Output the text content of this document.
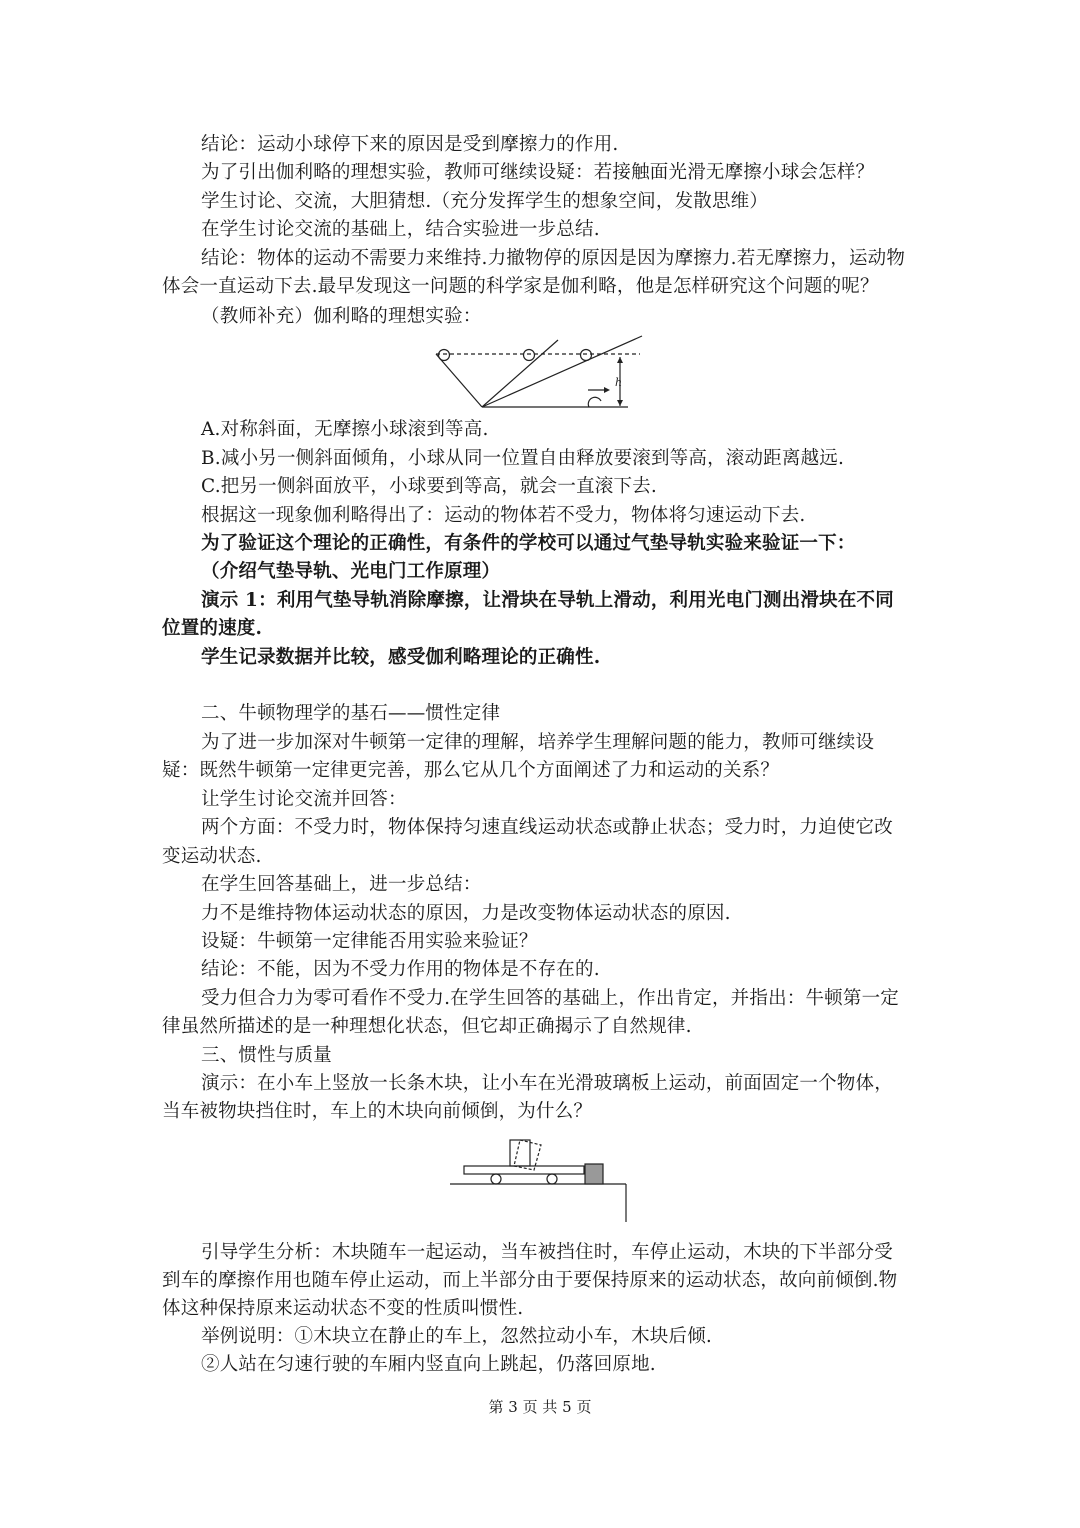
结论：运动小球停下来的原因是受到摩擦力的作用.
为了引出伽利略的理想实验，教师可继续设疑：若接触面光滑无摩擦小球会怎样？
学生讨论、交流，大胆猜想.（充分发挥学生的想象空间，发散思维）
在学生讨论交流的基础上，结合实验进一步总结.
结论：物体的运动不需要力来维持.力撤物停的原因是因为摩擦力.若无摩擦力，运动物
体会一直运动下去.最早发现这一问题的科学家是伽利略，他是怎样研究这个问题的呢？
（教师补充）伽利略的理想实验：
h
A.对称斜面，无摩擦小球滚到等高.
B.减小另一侧斜面倾角，小球从同一位置自由释放要滚到等高，滚动距离越远.
C.把另一侧斜面放平，小球要到等高，就会一直滚下去.
根据这一现象伽利略得出了：运动的物体若不受力，物体将匀速运动下去.
为了验证这个理论的正确性，有条件的学校可以通过气垫导轨实验来验证一下：
（介绍气垫导轨、光电门工作原理）
演示 1：利用气垫导轨消除摩擦，让滑块在导轨上滑动，利用光电门测出滑块在不同
位置的速度.
学生记录数据并比较，感受伽利略理论的正确性.
二、牛顿物理学的基石——惯性定律
为了进一步加深对牛顿第一定律的理解，培养学生理解问题的能力，教师可继续设
疑：既然牛顿第一定律更完善，那么它从几个方面阐述了力和运动的关系？
让学生讨论交流并回答：
两个方面：不受力时，物体保持匀速直线运动状态或静止状态；受力时，力迫使它改
变运动状态.
在学生回答基础上，进一步总结：
力不是维持物体运动状态的原因，力是改变物体运动状态的原因.
设疑：牛顿第一定律能否用实验来验证？
结论：不能，因为不受力作用的物体是不存在的.
受力但合力为零可看作不受力.在学生回答的基础上，作出肯定，并指出：牛顿第一定
律虽然所描述的是一种理想化状态，但它却正确揭示了自然规律.
三、惯性与质量
演示：在小车上竖放一长条木块，让小车在光滑玻璃板上运动，前面固定一个物体，
当车被物块挡住时，车上的木块向前倾倒，为什么？
引导学生分析：木块随车一起运动，当车被挡住时，车停止运动，木块的下半部分受
到车的摩擦作用也随车停止运动，而上半部分由于要保持原来的运动状态，故向前倾倒.物
体这种保持原来运动状态不变的性质叫惯性.
举例说明：①木块立在静止的车上，忽然拉动小车，木块后倾.
②人站在匀速行驶的车厢内竖直向上跳起，仍落回原地.
第 3 页 共 5 页
